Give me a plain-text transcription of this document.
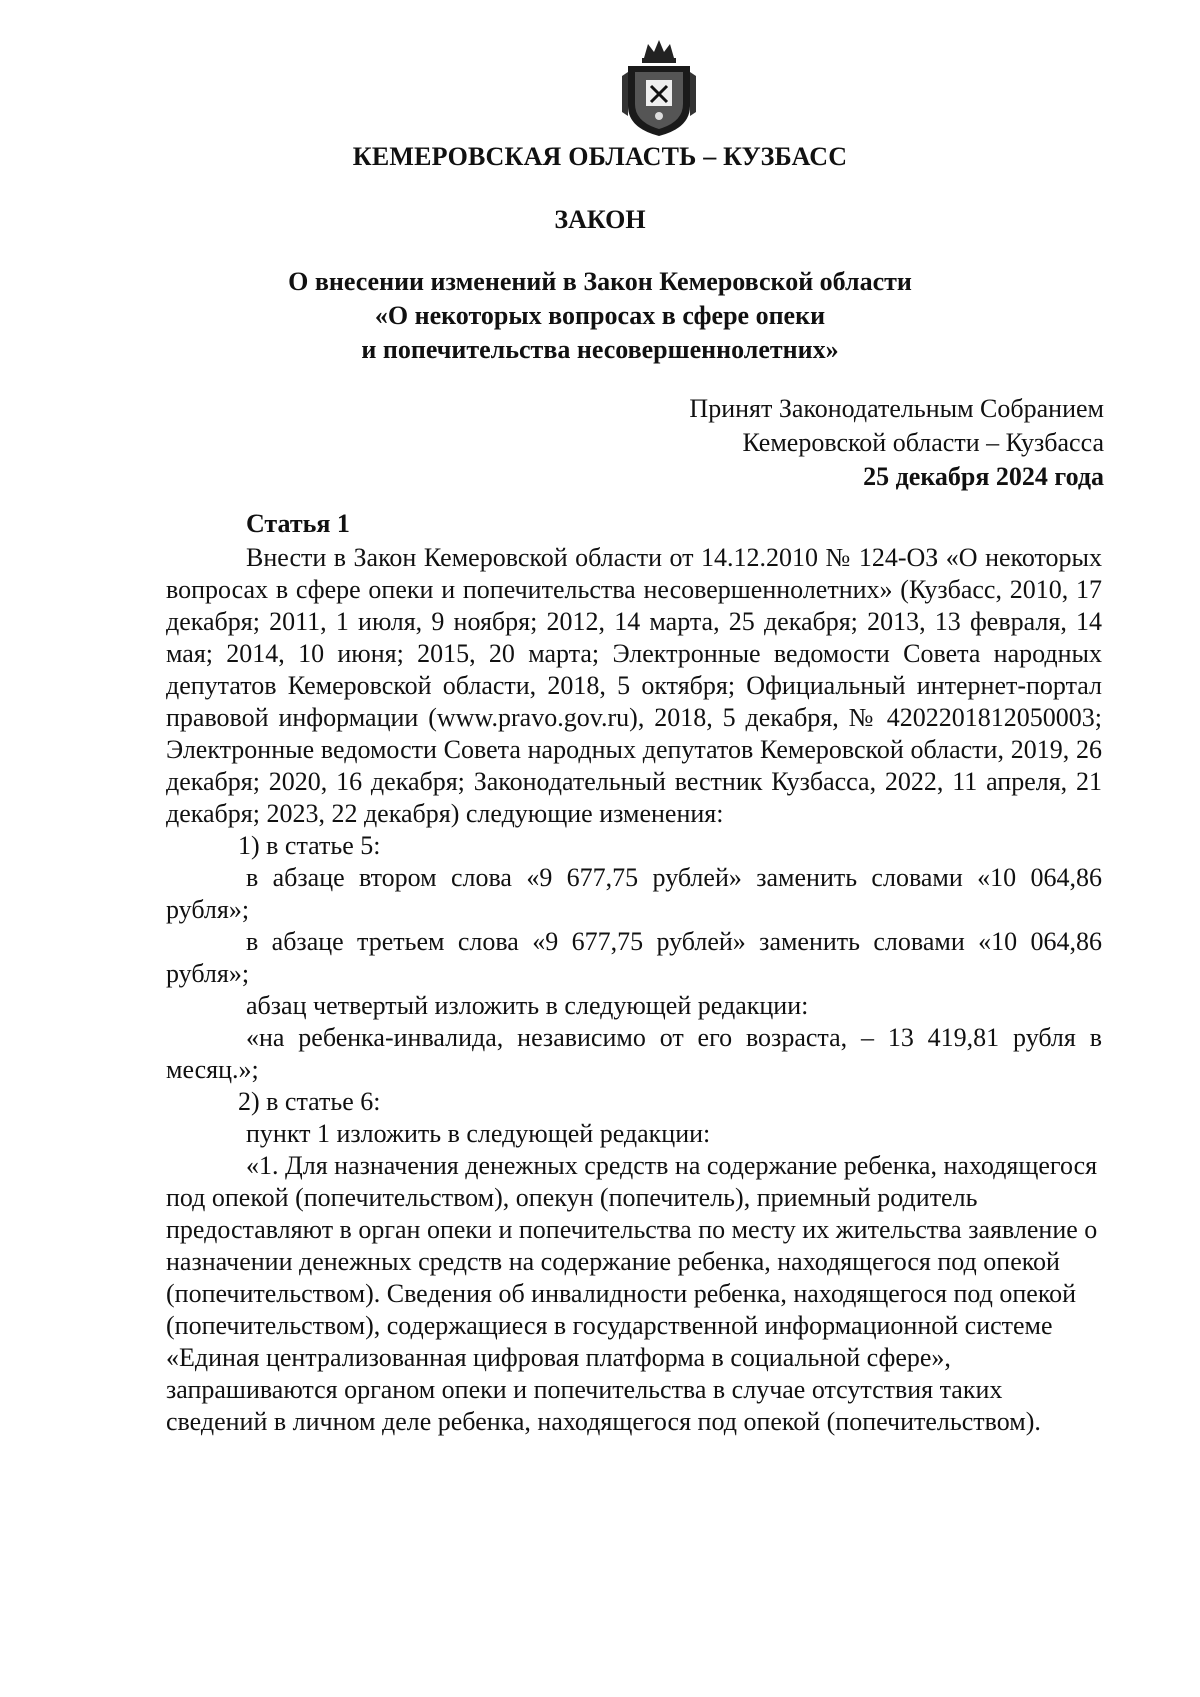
КЕМЕРОВСКАЯ ОБЛАСТЬ – КУЗБАСС
ЗАКОН
О внесении изменений в Закон Кемеровской области
«О некоторых вопросах в сфере опеки
и попечительства несовершеннолетних»
Принят Законодательным Собранием
Кемеровской области – Кузбасса
25 декабря 2024 года
Статья 1

Внести в Закон Кемеровской области от 14.12.2010 № 124-ОЗ «О некоторых вопросах в сфере опеки и попечительства несовершеннолетних» (Кузбасс, 2010, 17 декабря; 2011, 1 июля, 9 ноября; 2012, 14 марта, 25 декабря; 2013, 13 февраля, 14 мая; 2014, 10 июня; 2015, 20 марта; Электронные ведомости Совета народных депутатов Кемеровской области, 2018, 5 октября; Официальный интернет-портал правовой информации (www.pravo.gov.ru), 2018, 5 декабря, № 4202201812050003; Электронные ведомости Совета народных депутатов Кемеровской области, 2019, 26 декабря; 2020, 16 декабря; Законодательный вестник Кузбасса, 2022, 11 апреля, 21 декабря; 2023, 22 декабря) следующие изменения:

1) в статье 5:

в абзаце втором слова «9 677,75 рублей» заменить словами «10 064,86 рубля»;

в абзаце третьем слова «9 677,75 рублей» заменить словами «10 064,86 рубля»;

абзац четвертый изложить в следующей редакции:

«на ребенка-инвалида, независимо от его возраста, – 13 419,81 рубля в месяц.»;

2) в статье 6:

пункт 1 изложить в следующей редакции:

«1. Для назначения денежных средств на содержание ребенка, находящегося под опекой (попечительством), опекун (попечитель), приемный родитель предоставляют в орган опеки и попечительства по месту их жительства заявление о назначении денежных средств на содержание ребенка, находящегося под опекой (попечительством). Сведения об инвалидности ребенка, находящегося под опекой (попечительством), содержащиеся в государственной информационной системе «Единая централизованная цифровая платформа в социальной сфере», запрашиваются органом опеки и попечительства в случае отсутствия таких сведений в личном деле ребенка, находящегося под опекой (попечительством).
